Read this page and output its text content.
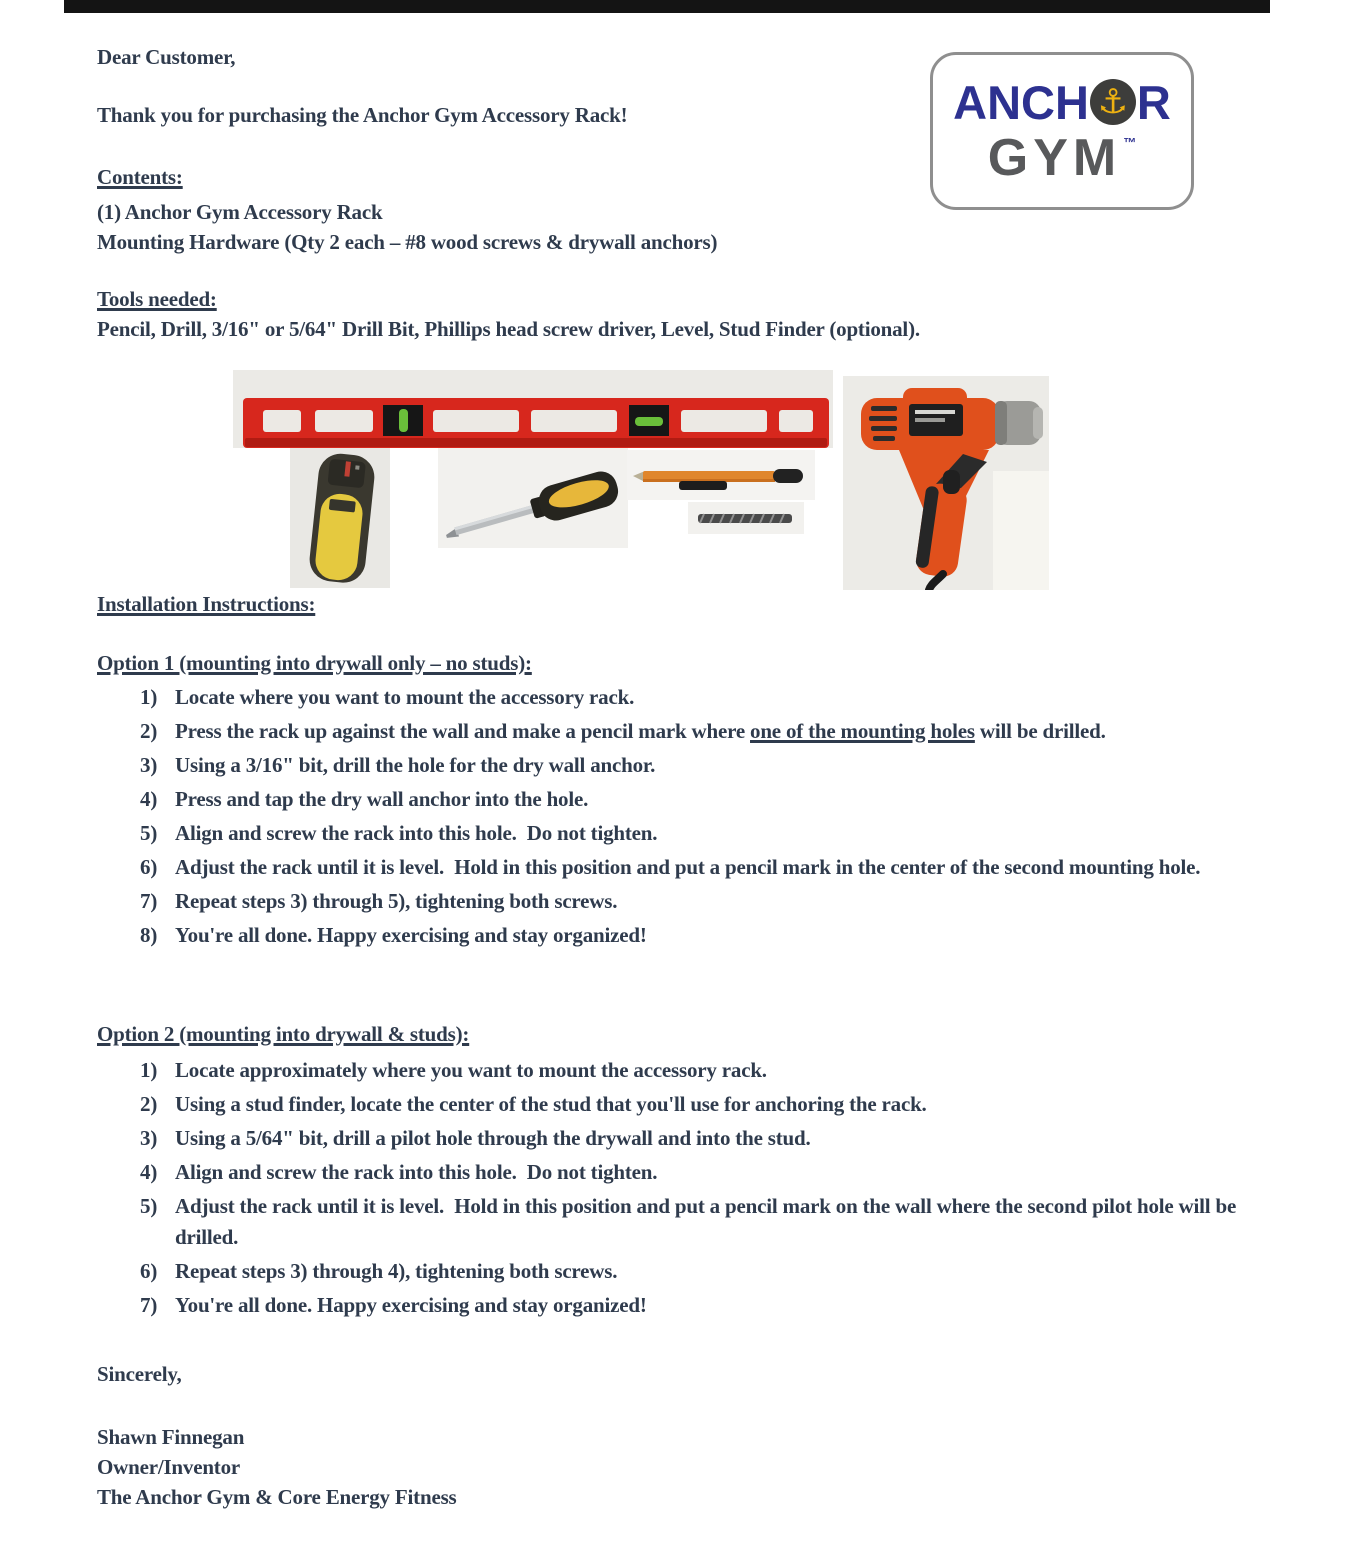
ANCH ⚓ R
GYM ™
Dear Customer,
Thank you for purchasing the Anchor Gym Accessory Rack!
Contents:
(1) Anchor Gym Accessory Rack
Mounting Hardware (Qty 2 each – #8 wood screws & drywall anchors)
Tools needed:
Pencil, Drill, 3/16" or 5/64" Drill Bit, Phillips head screw driver, Level, Stud Finder (optional).
Installation Instructions:
Option 1 (mounting into drywall only – no studs):
Locate where you want to mount the accessory rack.
Press the rack up against the wall and make a pencil mark where one of the mounting holes will be drilled.
Using a 3/16" bit, drill the hole for the dry wall anchor.
Press and tap the dry wall anchor into the hole.
Align and screw the rack into this hole.  Do not tighten.
Adjust the rack until it is level.  Hold in this position and put a pencil mark in the center of the second mounting hole.
Repeat steps 3) through 5), tightening both screws.
You're all done. Happy exercising and stay organized!
Option 2 (mounting into drywall & studs):
Locate approximately where you want to mount the accessory rack.
Using a stud finder, locate the center of the stud that you'll use for anchoring the rack.
Using a 5/64" bit, drill a pilot hole through the drywall and into the stud.
Align and screw the rack into this hole.  Do not tighten.
Adjust the rack until it is level.  Hold in this position and put a pencil mark on the wall where the second pilot hole will be drilled.
Repeat steps 3) through 4), tightening both screws.
You're all done. Happy exercising and stay organized!
Sincerely,
Shawn Finnegan
Owner/Inventor
The Anchor Gym & Core Energy Fitness
